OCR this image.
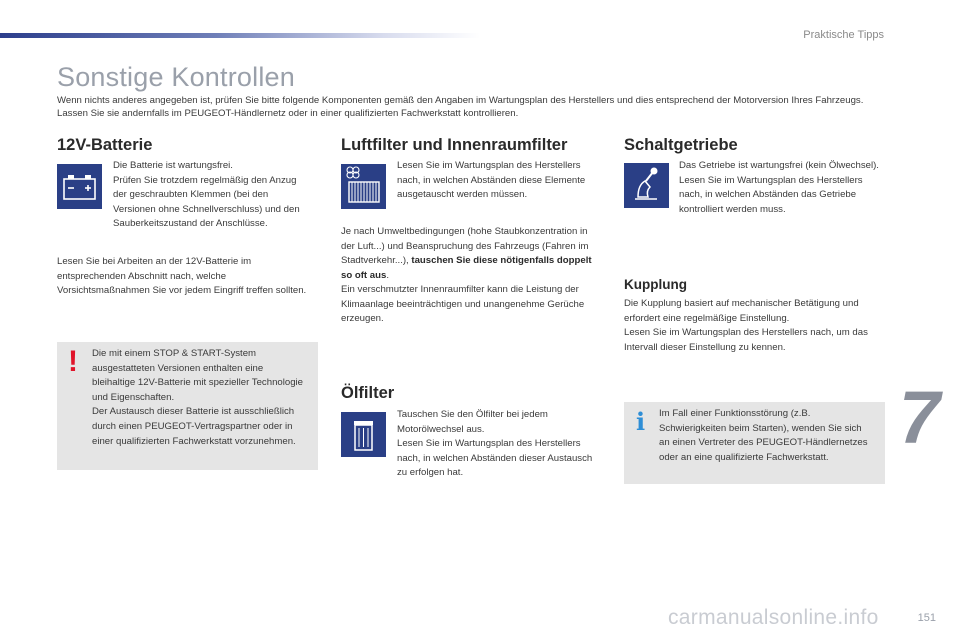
Praktische Tipps
Sonstige Kontrollen
Wenn nichts anderes angegeben ist, prüfen Sie bitte folgende Komponenten gemäß den Angaben im Wartungsplan des Herstellers und dies entsprechend der Motorversion Ihres Fahrzeugs.
Lassen Sie sie andernfalls im PEUGEOT-Händlernetz oder in einer qualifizierten Fachwerkstatt kontrollieren.
12V-Batterie
Die Batterie ist wartungsfrei.
Prüfen Sie trotzdem regelmäßig den Anzug der geschraubten Klemmen (bei den Versionen ohne Schnellverschluss) und den Sauberkeitszustand der Anschlüsse.
Lesen Sie bei Arbeiten an der 12V-Batterie im entsprechenden Abschnitt nach, welche Vorsichtsmaßnahmen Sie vor jedem Eingriff treffen sollten.
! Die mit einem STOP & START-System ausgestatteten Versionen enthalten eine bleihaltige 12V-Batterie mit spezieller Technologie und Eigenschaften.
Der Austausch dieser Batterie ist ausschließlich durch einen PEUGEOT-Vertragspartner oder in einer qualifizierten Fachwerkstatt vorzunehmen.
Luftfilter und Innenraumfilter
Lesen Sie im Wartungsplan des Herstellers nach, in welchen Abständen diese Elemente ausgetauscht werden müssen.
Je nach Umweltbedingungen (hohe Staubkonzentration in der Luft...) und Beanspruchung des Fahrzeugs (Fahren im Stadtverkehr...), tauschen Sie diese nötigenfalls doppelt so oft aus.
Ein verschmutzter Innenraumfilter kann die Leistung der Klimaanlage beeinträchtigen und unangenehme Gerüche erzeugen.
Ölfilter
Tauschen Sie den Ölfilter bei jedem Motorölwechsel aus.
Lesen Sie im Wartungsplan des Herstellers nach, in welchen Abständen dieser Austausch zu erfolgen hat.
Schaltgetriebe
Das Getriebe ist wartungsfrei (kein Ölwechsel).
Lesen Sie im Wartungsplan des Herstellers nach, in welchen Abständen das Getriebe kontrolliert werden muss.
Kupplung
Die Kupplung basiert auf mechanischer Betätigung und erfordert eine regelmäßige Einstellung.
Lesen Sie im Wartungsplan des Herstellers nach, um das Intervall dieser Einstellung zu kennen.
i Im Fall einer Funktionsstörung (z.B. Schwierigkeiten beim Starten), wenden Sie sich an einen Vertreter des PEUGEOT-Händlernetzes oder an eine qualifizierte Fachwerkstatt. 7
151
carmanualsonline.info
